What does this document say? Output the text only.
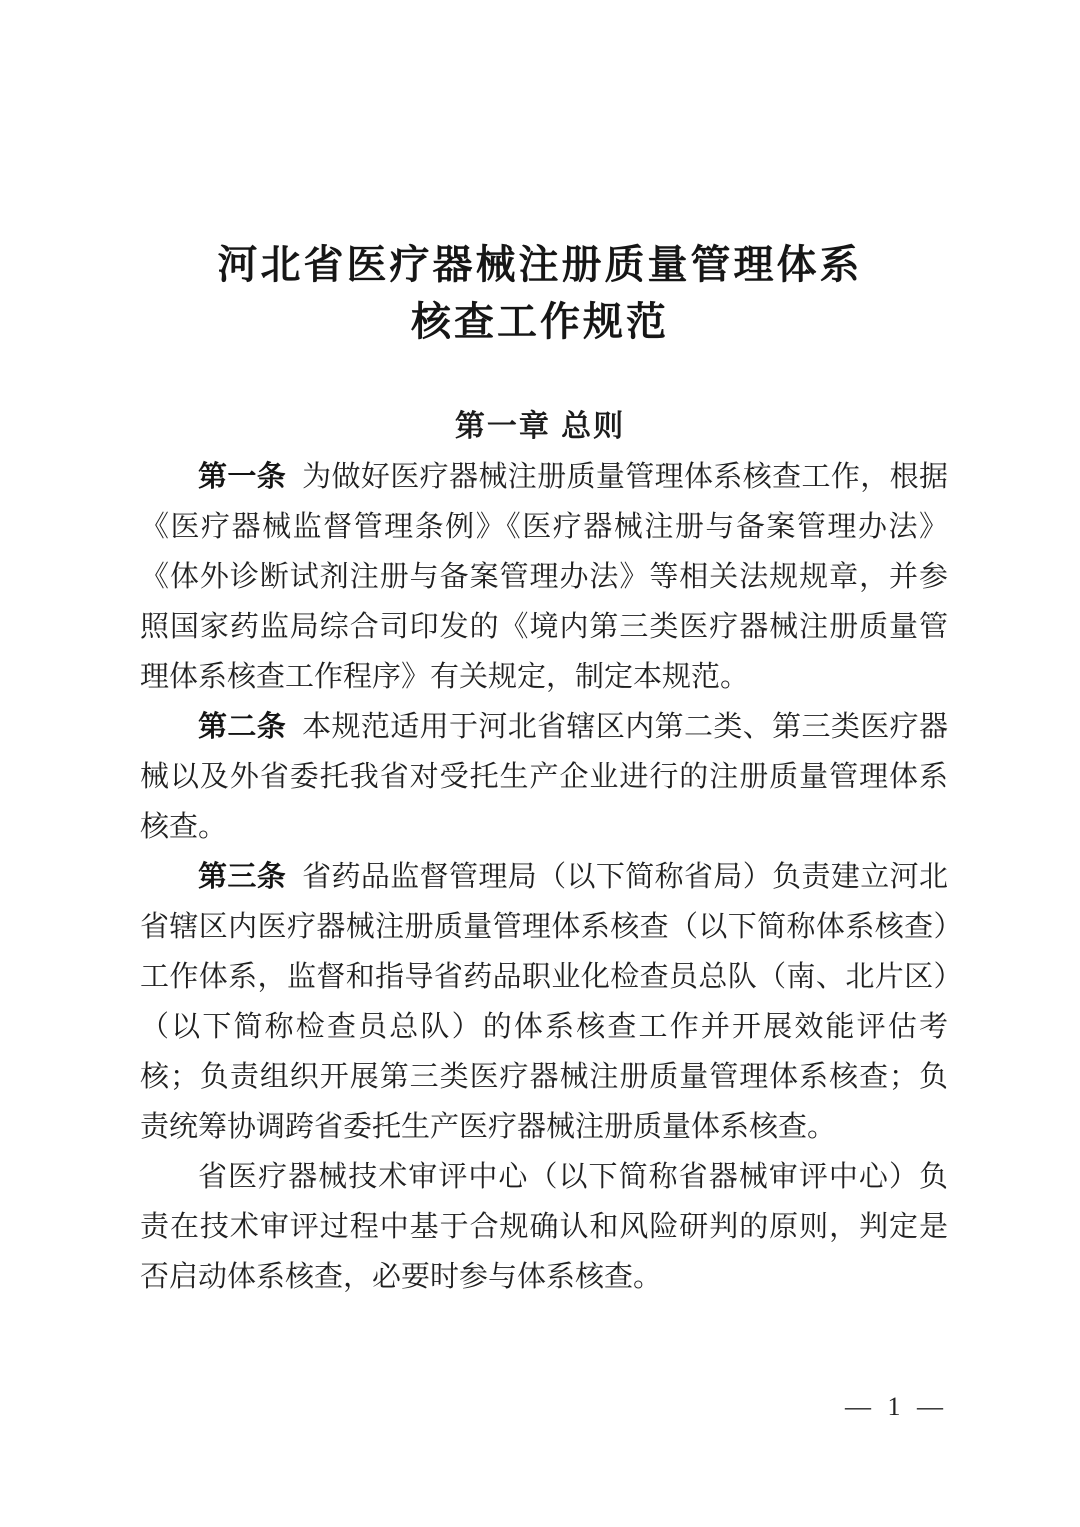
河北省医疗器械注册质量管理体系
核查工作规范
第一章 总则

第一条 为做好医疗器械注册质量管理体系核查工作，根据《医疗器械监督管理条例》《医疗器械注册与备案管理办法》《体外诊断试剂注册与备案管理办法》等相关法规规章，并参照国家药监局综合司印发的《境内第三类医疗器械注册质量管理体系核查工作程序》有关规定，制定本规范。

第二条 本规范适用于河北省辖区内第二类、第三类医疗器械以及外省委托我省对受托生产企业进行的注册质量管理体系核查。

第三条 省药品监督管理局（以下简称省局）负责建立河北省辖区内医疗器械注册质量管理体系核查（以下简称体系核查）工作体系，监督和指导省药品职业化检查员总队（南、北片区）（以下简称检查员总队）的体系核查工作并开展效能评估考核；负责组织开展第三类医疗器械注册质量管理体系核查；负责统筹协调跨省委托生产医疗器械注册质量体系核查。

省医疗器械技术审评中心（以下简称省器械审评中心）负责在技术审评过程中基于合规确认和风险研判的原则，判定是否启动体系核查，必要时参与体系核查。

— 1 —
